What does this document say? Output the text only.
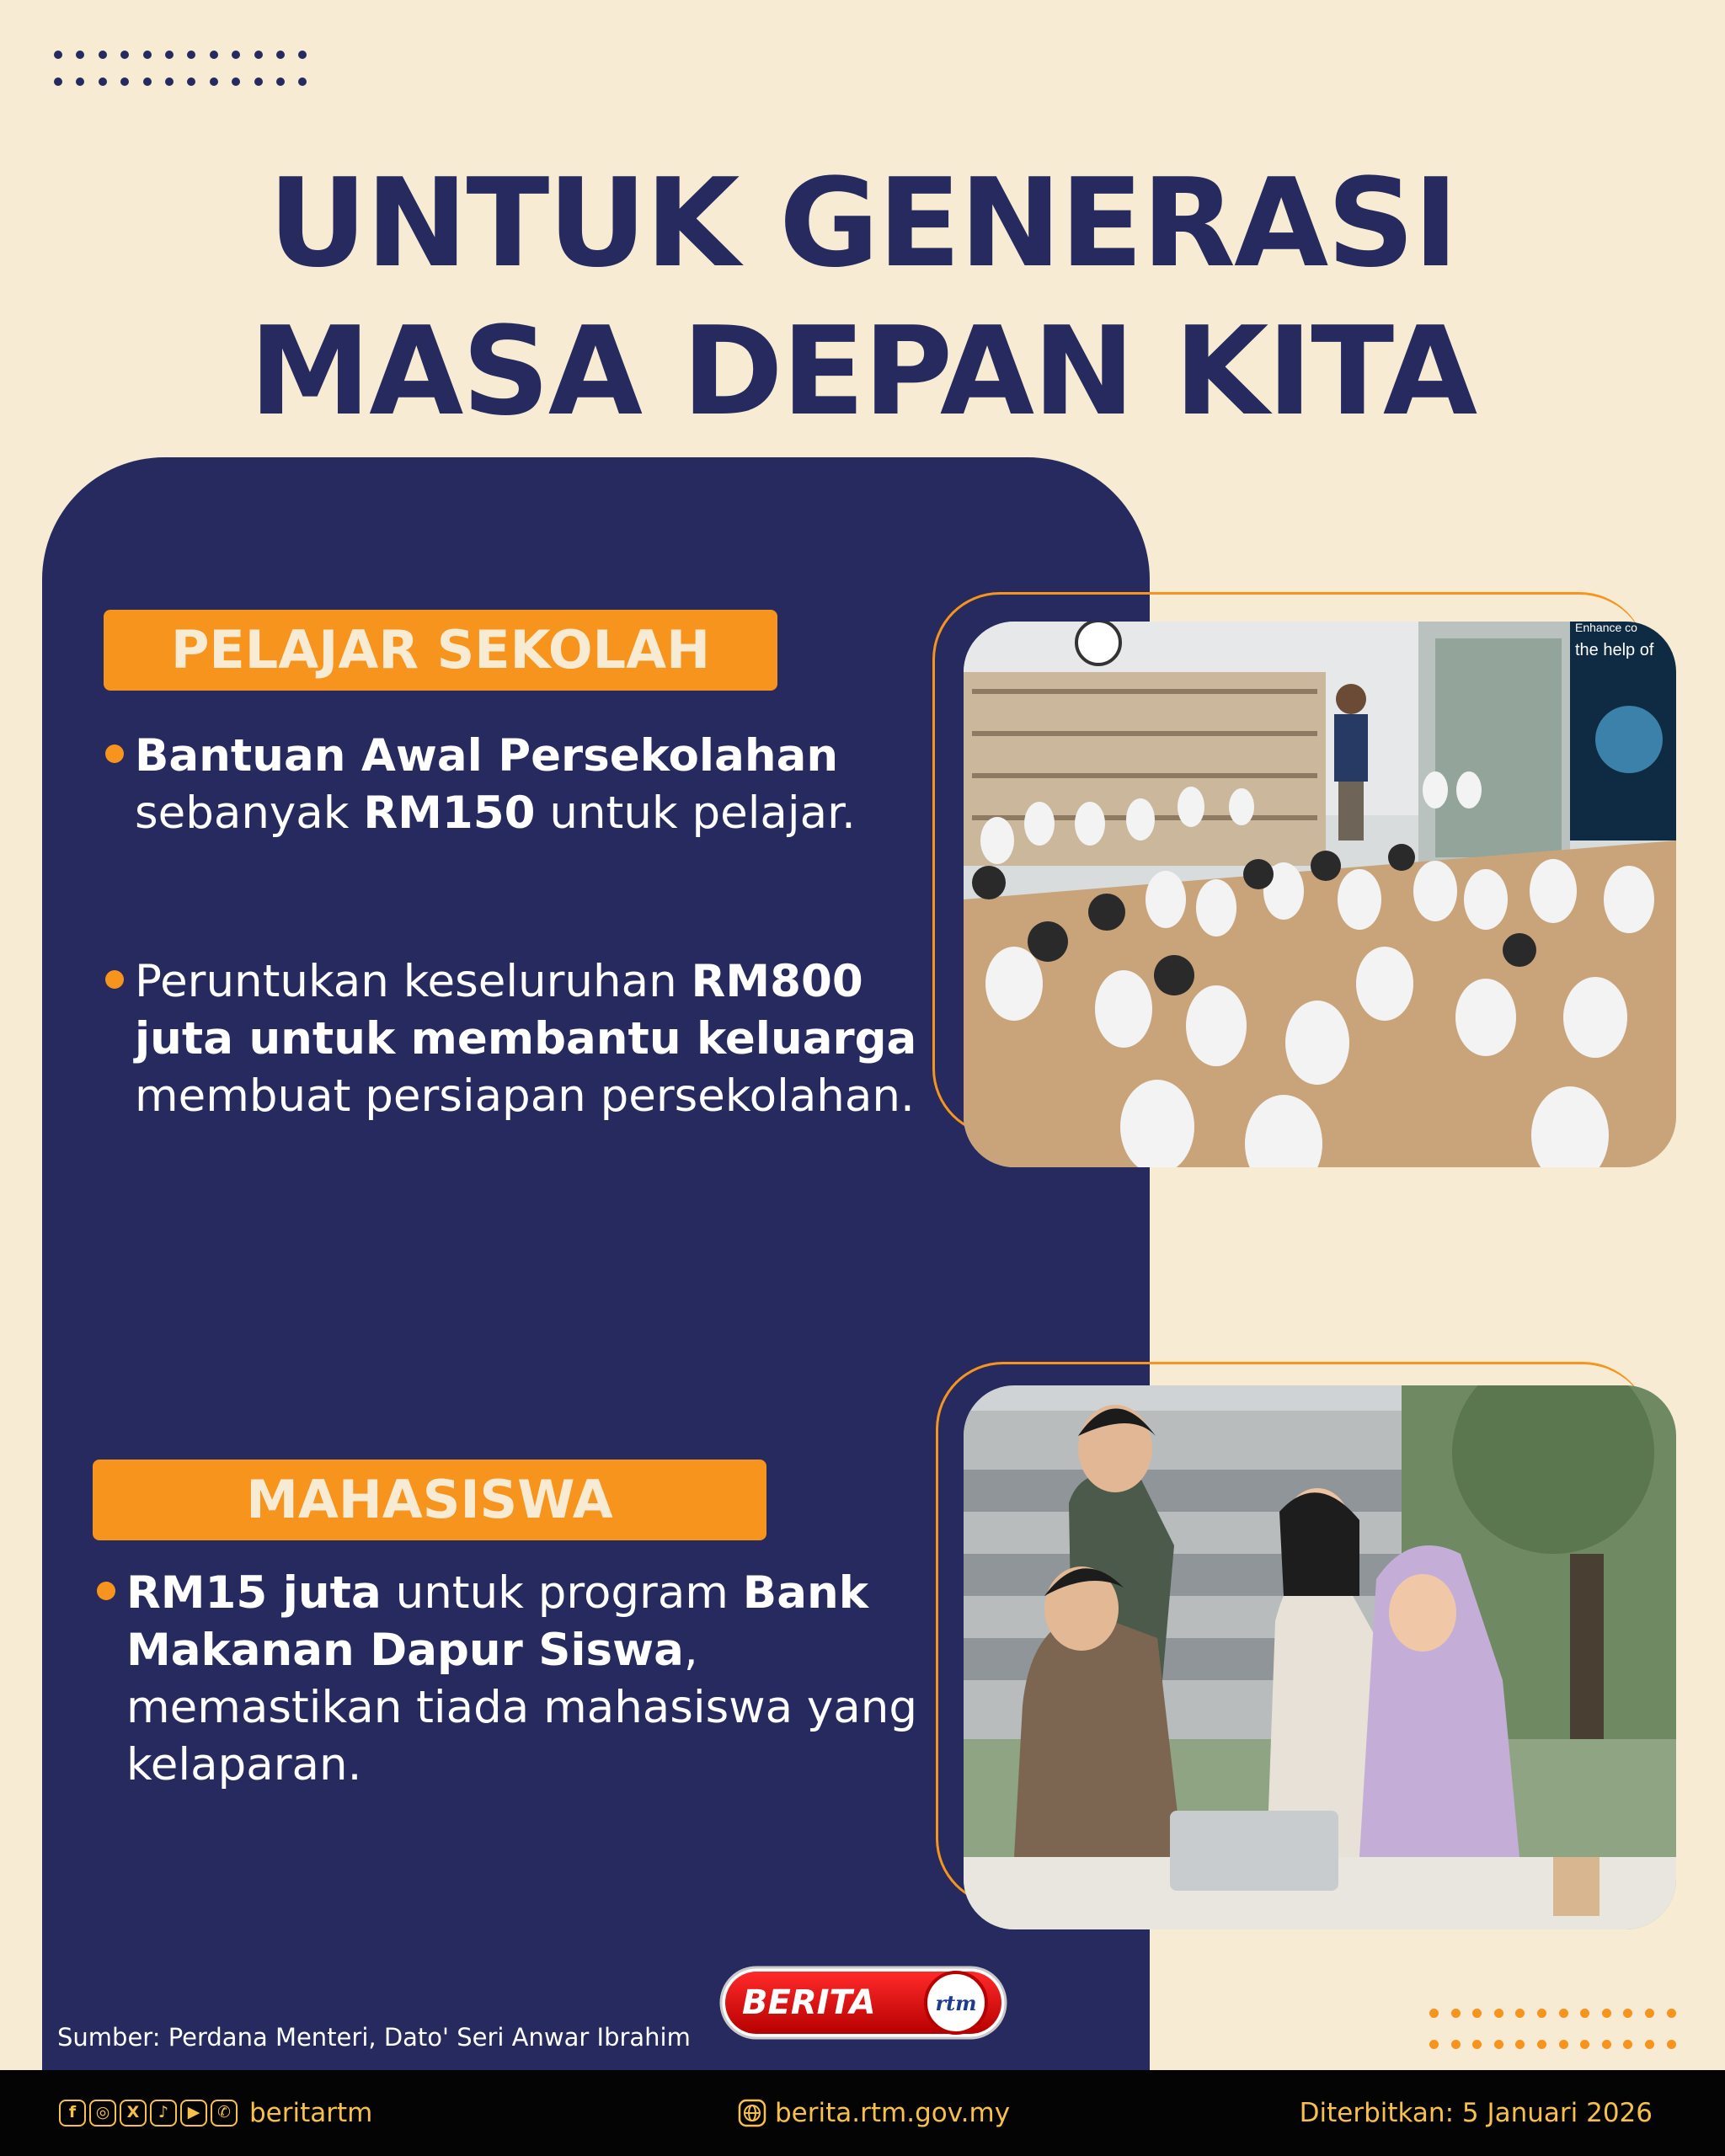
UNTUK GENERASI
MASA DEPAN KITA
PELAJAR SEKOLAH
Bantuan Awal Persekolahan sebanyak RM150 untuk pelajar.
Peruntukan keseluruhan RM800 juta untuk membantu keluarga membuat persiapan persekolahan.
MAHASISWA
RM15 juta untuk program Bank Makanan Dapur Siswa, memastikan tiada mahasiswa yang kelaparan.
Enhance co
the help of
Sumber: Perdana Menteri, Dato' Seri Anwar Ibrahim
BERITA	rtm
f	◎	X	♪	▶	✆ beritartm	berita.rtm.gov.my	Diterbitkan: 5 Januari 2026
